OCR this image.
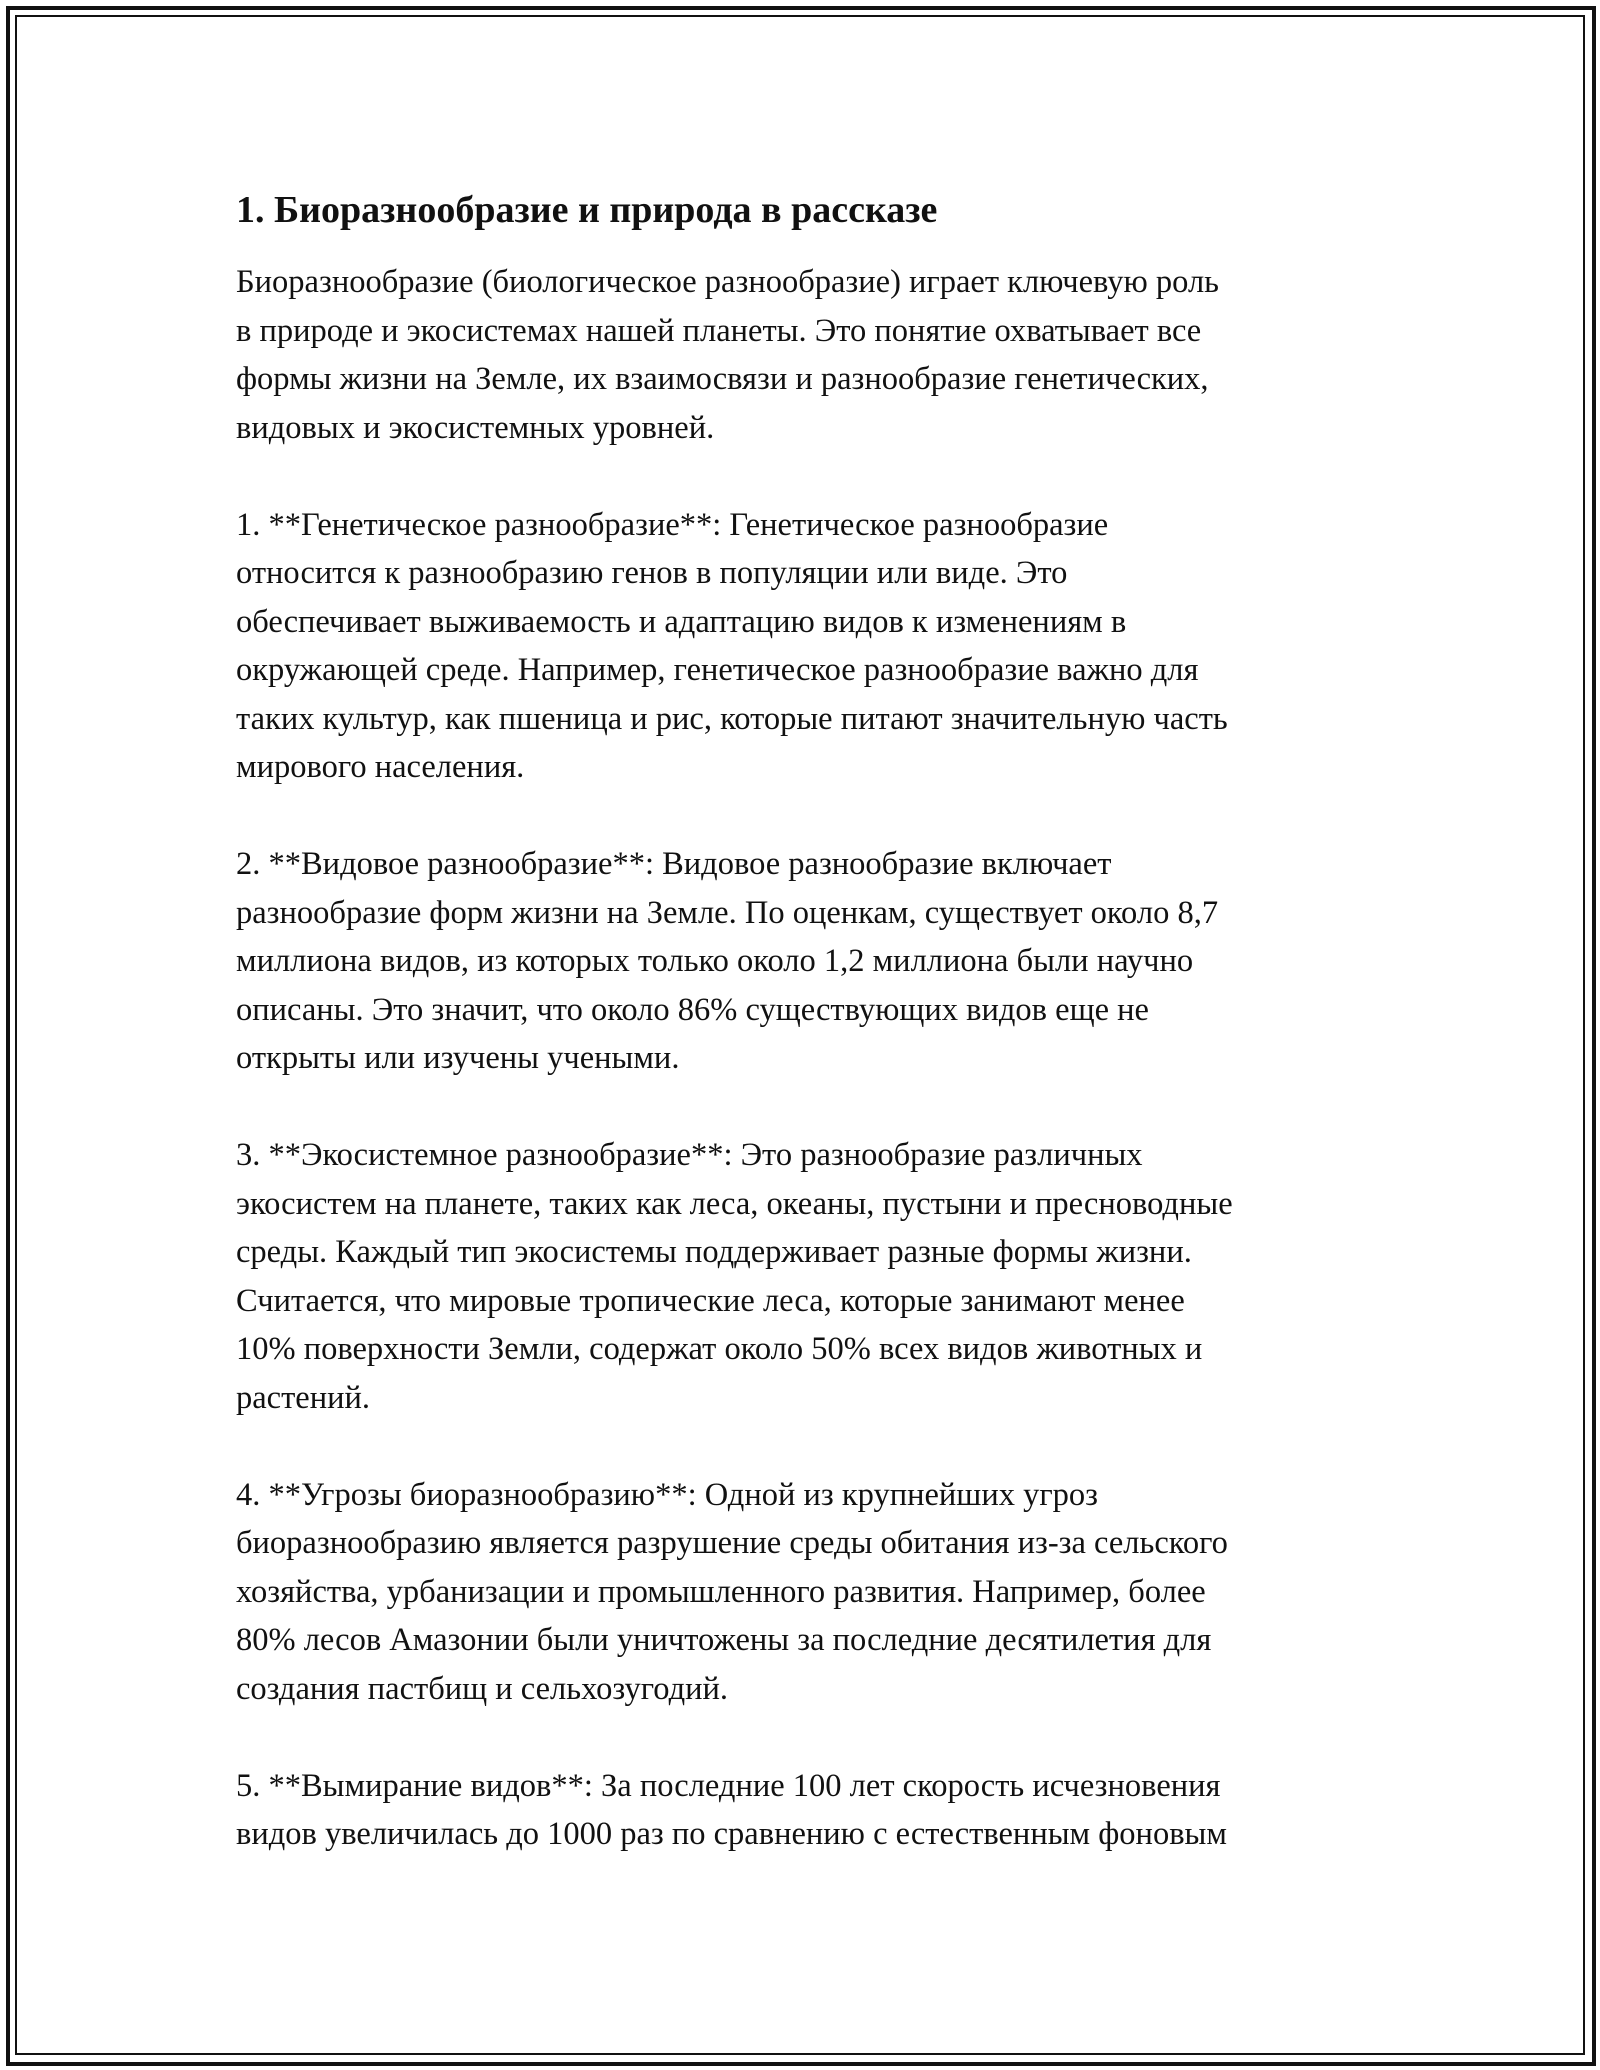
1. Биоразнообразие и природа в рассказе
Биоразнообразие (биологическое разнообразие) играет ключевую роль
в природе и экосистемах нашей планеты. Это понятие охватывает все
формы жизни на Земле, их взаимосвязи и разнообразие генетических,
видовых и экосистемных уровней.
1. **Генетическое разнообразие**: Генетическое разнообразие
относится к разнообразию генов в популяции или виде. Это
обеспечивает выживаемость и адаптацию видов к изменениям в
окружающей среде. Например, генетическое разнообразие важно для
таких культур, как пшеница и рис, которые питают значительную часть
мирового населения.
2. **Видовое разнообразие**: Видовое разнообразие включает
разнообразие форм жизни на Земле. По оценкам, существует около 8,7
миллиона видов, из которых только около 1,2 миллиона были научно
описаны. Это значит, что около 86% существующих видов еще не
открыты или изучены учеными.
3. **Экосистемное разнообразие**: Это разнообразие различных
экосистем на планете, таких как леса, океаны, пустыни и пресноводные
среды. Каждый тип экосистемы поддерживает разные формы жизни.
Считается, что мировые тропические леса, которые занимают менее
10% поверхности Земли, содержат около 50% всех видов животных и
растений.
4. **Угрозы биоразнообразию**: Одной из крупнейших угроз
биоразнообразию является разрушение среды обитания из-за сельского
хозяйства, урбанизации и промышленного развития. Например, более
80% лесов Амазонии были уничтожены за последние десятилетия для
создания пастбищ и сельхозугодий.
5. **Вымирание видов**: За последние 100 лет скорость исчезновения
видов увеличилась до 1000 раз по сравнению с естественным фоновым
